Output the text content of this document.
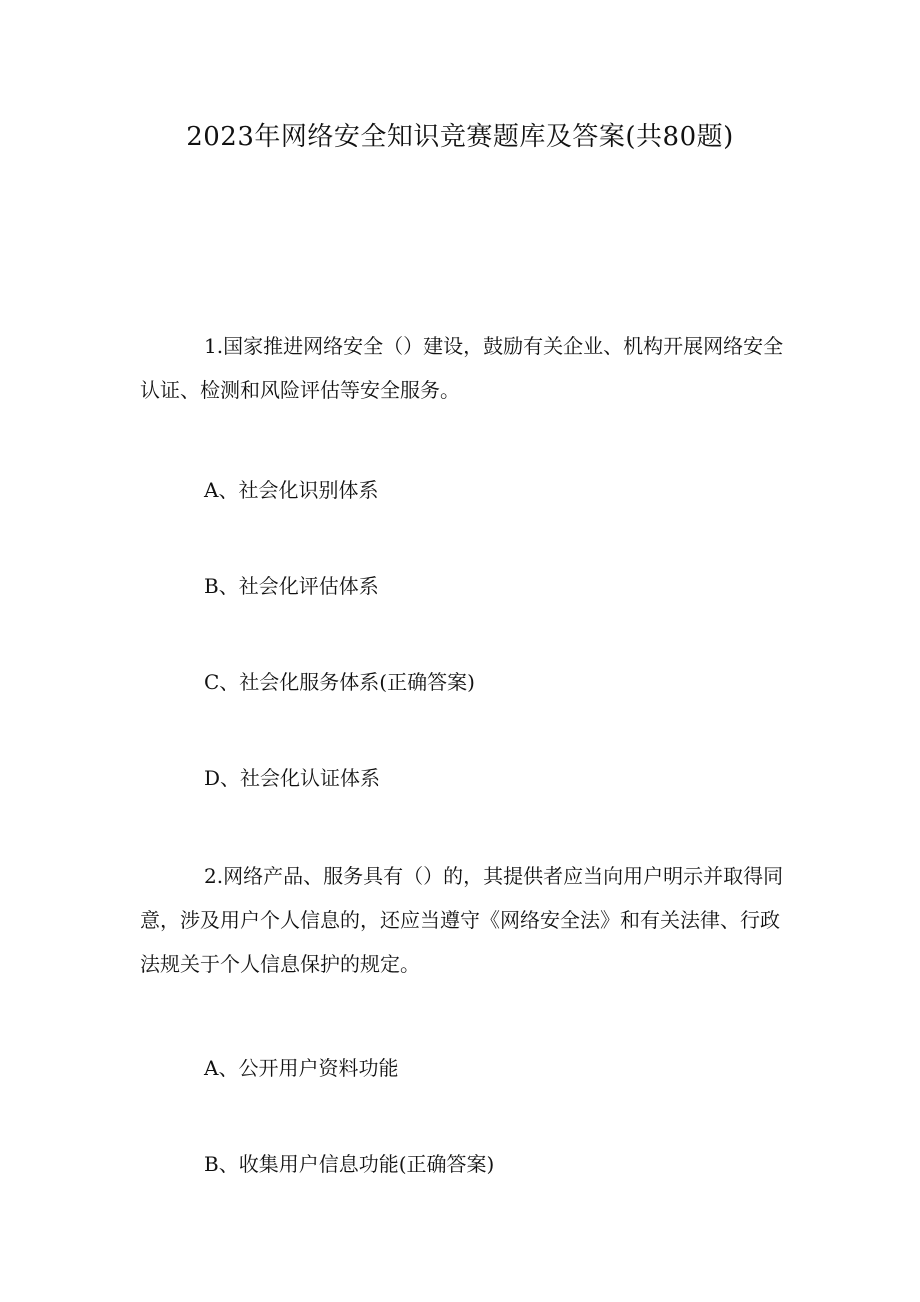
2023年网络安全知识竞赛题库及答案(共80题)

1.国家推进网络安全（）建设，鼓励有关企业、机构开展网络安全认证、检测和风险评估等安全服务。

A、社会化识别体系
B、社会化评估体系
C、社会化服务体系(正确答案)
D、社会化认证体系

2.网络产品、服务具有（）的，其提供者应当向用户明示并取得同意，涉及用户个人信息的，还应当遵守《网络安全法》和有关法律、行政法规关于个人信息保护的规定。

A、公开用户资料功能
B、收集用户信息功能(正确答案)
